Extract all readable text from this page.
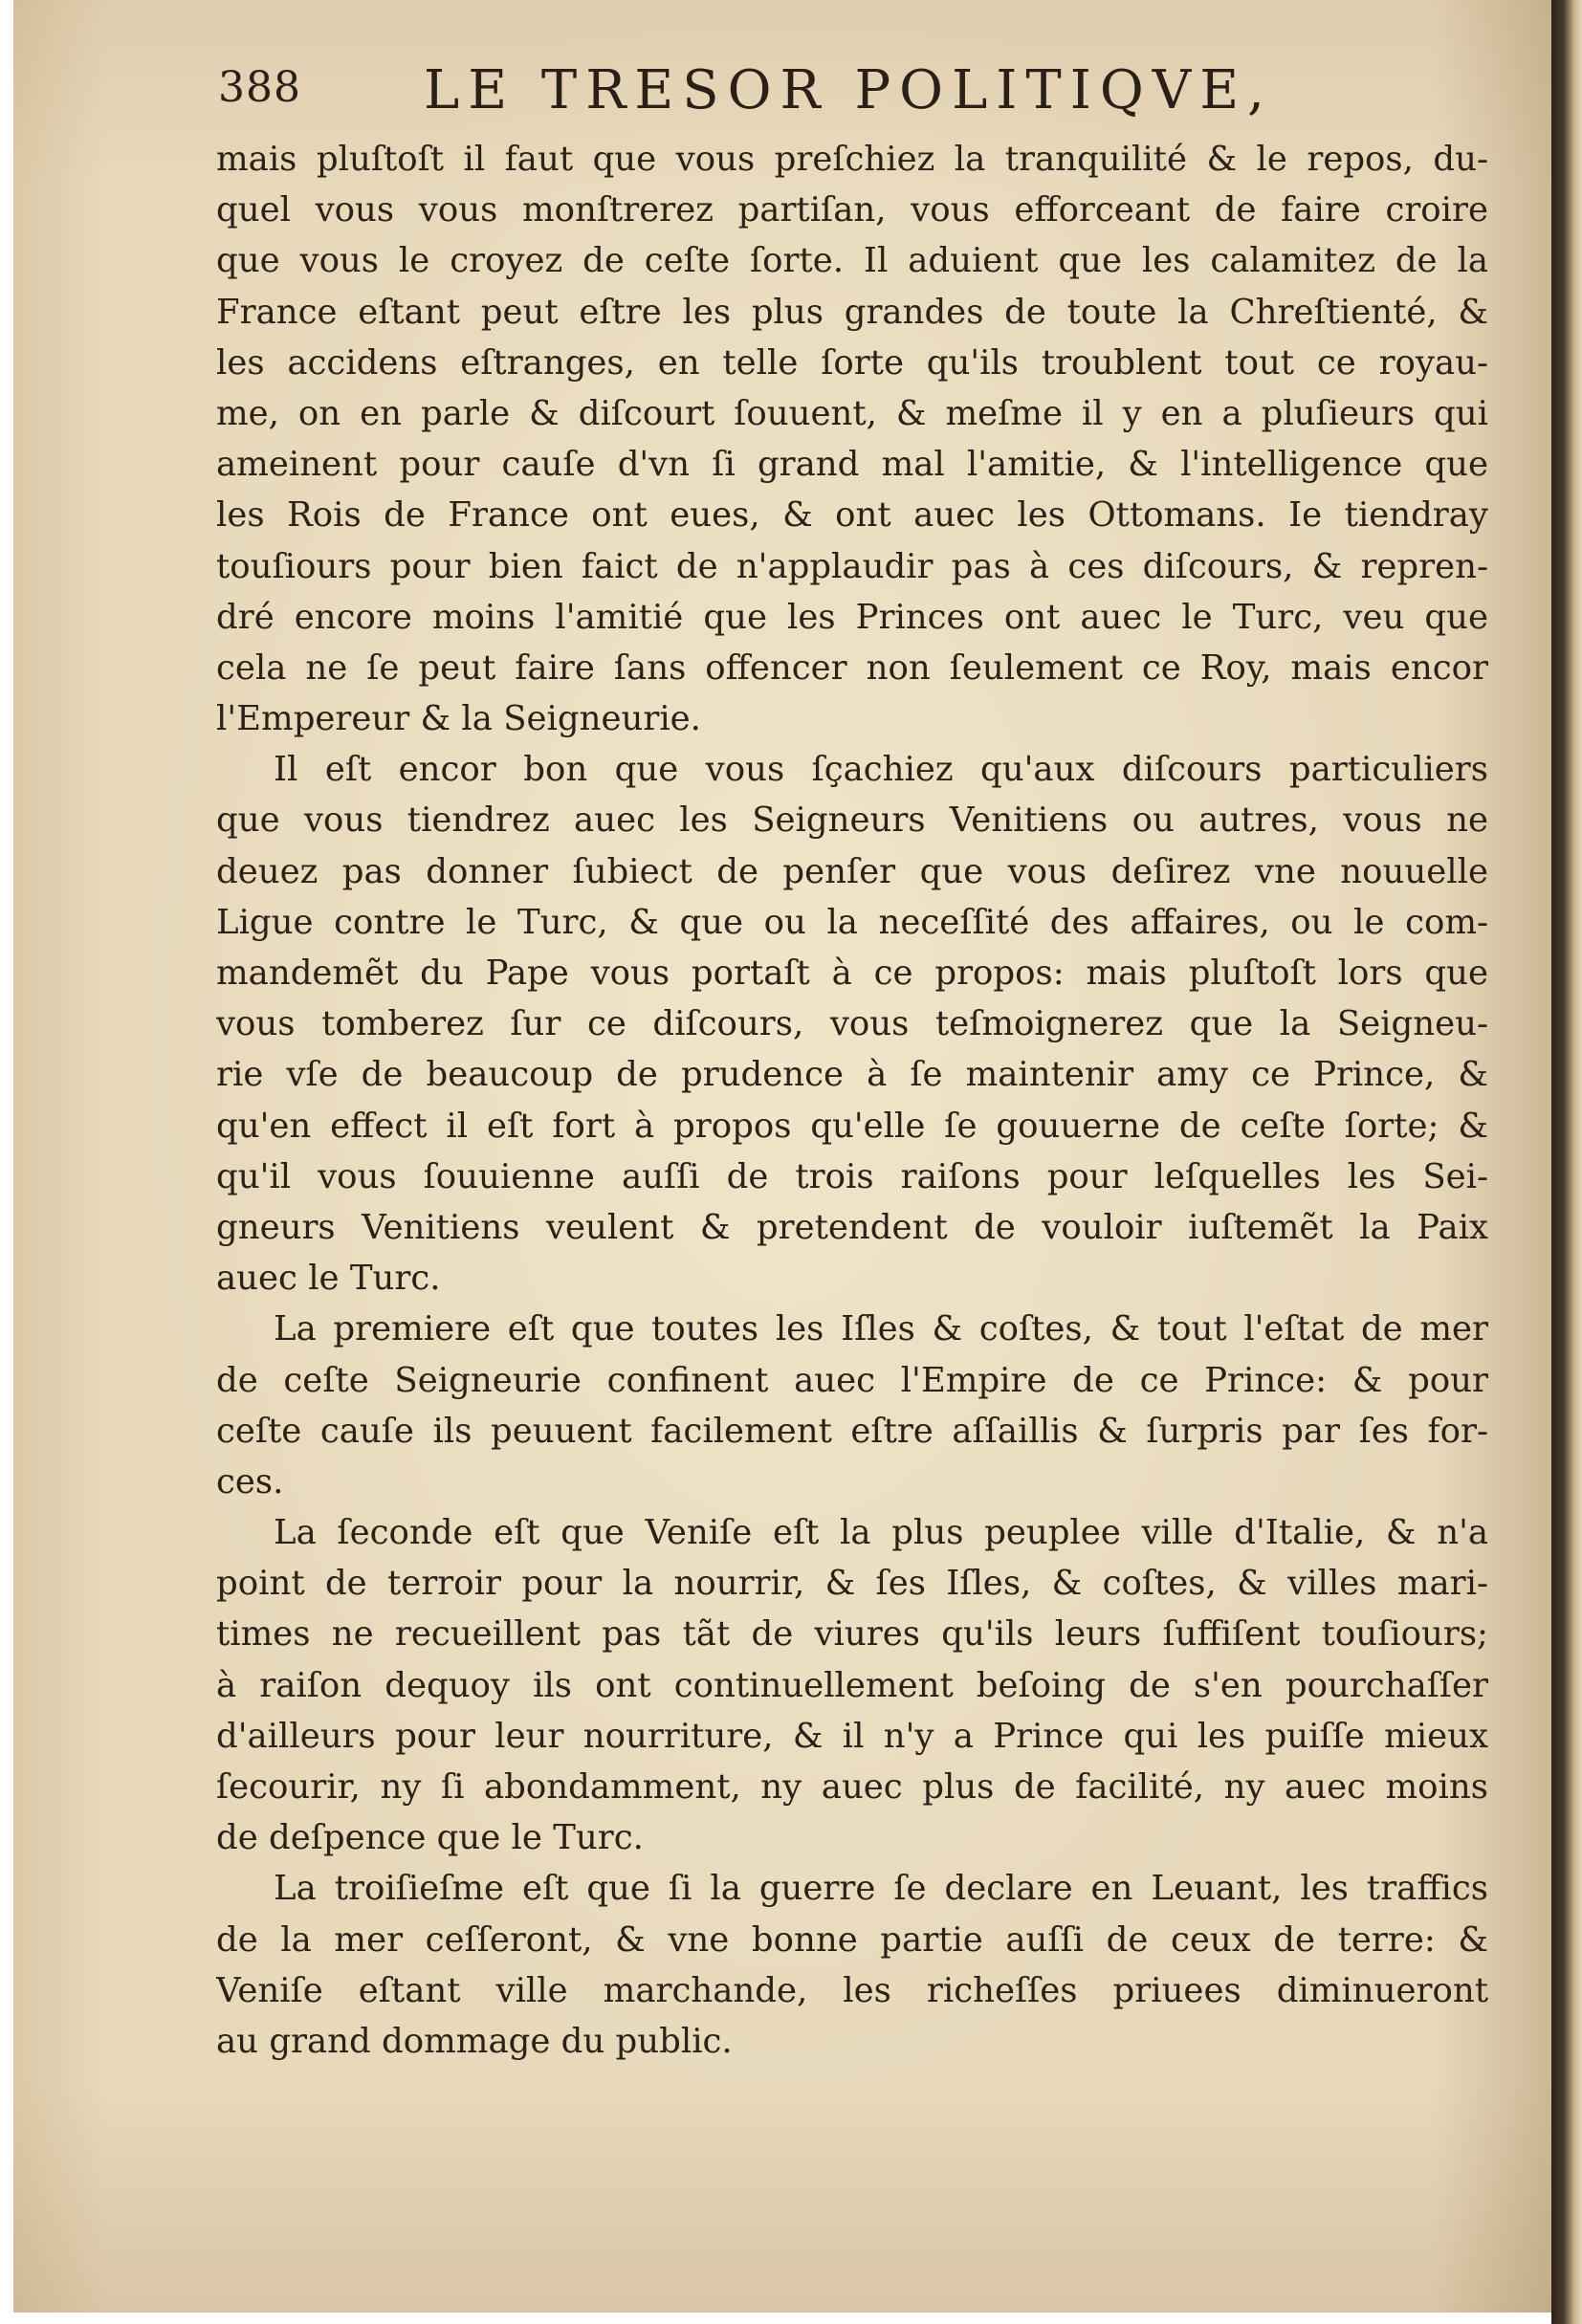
388 LE TRESOR POLITIQVE,
mais pluſtoſt il faut que vous preſchiez la tranquilité & le repos, du-
quel vous vous monſtrerez partiſan, vous efforceant de faire croire
que vous le croyez de ceſte ſorte. Il aduient que les calamitez de la
France eſtant peut eſtre les plus grandes de toute la Chreſtienté, &
les accidens eſtranges, en telle ſorte qu'ils troublent tout ce royau-
me, on en parle & diſcourt ſouuent, & meſme il y en a pluſieurs qui
ameinent pour cauſe d'vn ſi grand mal l'amitie, & l'intelligence que
les Rois de France ont eues, & ont auec les Ottomans. Ie tiendray
touſiours pour bien faict de n'applaudir pas à ces diſcours, & repren-
dré encore moins l'amitié que les Princes ont auec le Turc, veu que
cela ne ſe peut faire ſans offencer non ſeulement ce Roy, mais encor
l'Empereur & la Seigneurie.
Il eſt encor bon que vous ſçachiez qu'aux diſcours particuliers
que vous tiendrez auec les Seigneurs Venitiens ou autres, vous ne
deuez pas donner ſubiect de penſer que vous deſirez vne nouuelle
Ligue contre le Turc, & que ou la neceſſité des affaires, ou le com-
mandemẽt du Pape vous portaſt à ce propos: mais pluſtoſt lors que
vous tomberez ſur ce diſcours, vous teſmoignerez que la Seigneu-
rie vſe de beaucoup de prudence à ſe maintenir amy ce Prince, &
qu'en effect il eſt fort à propos qu'elle ſe gouuerne de ceſte ſorte; &
qu'il vous ſouuienne auſſi de trois raiſons pour leſquelles les Sei-
gneurs Venitiens veulent & pretendent de vouloir iuſtemẽt la Paix
auec le Turc.
La premiere eſt que toutes les Iſles & coſtes, & tout l'eſtat de mer
de ceſte Seigneurie confinent auec l'Empire de ce Prince: & pour
ceſte cauſe ils peuuent facilement eſtre aſſaillis & ſurpris par ſes for-
ces.
La ſeconde eſt que Veniſe eſt la plus peuplee ville d'Italie, & n'a
point de terroir pour la nourrir, & ſes Iſles, & coſtes, & villes mari-
times ne recueillent pas tãt de viures qu'ils leurs ſuffiſent touſiours;
à raiſon dequoy ils ont continuellement beſoing de s'en pourchaſſer
d'ailleurs pour leur nourriture, & il n'y a Prince qui les puiſſe mieux
ſecourir, ny ſi abondamment, ny auec plus de facilité, ny auec moins
de deſpence que le Turc.
La troiſieſme eſt que ſi la guerre ſe declare en Leuant, les traffics
de la mer ceſſeront, & vne bonne partie auſſi de ceux de terre: &
Veniſe eſtant ville marchande, les richeſſes priuees diminueront
au grand dommage du public.
